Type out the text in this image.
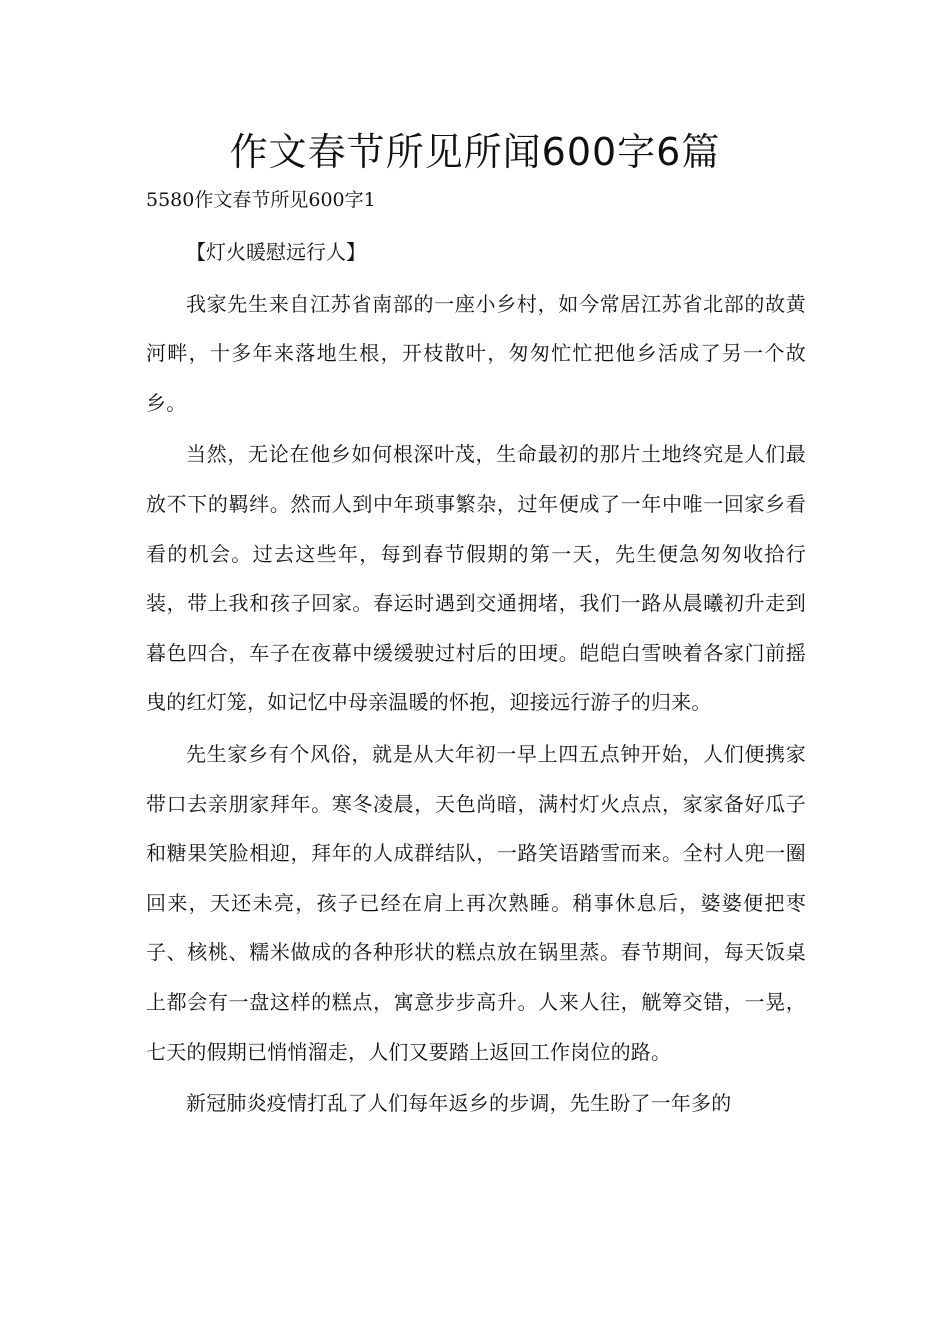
作文春节所见所闻600字6篇

5580作文春节所见600字1

【灯火暖慰远行人】

我家先生来自江苏省南部的一座小乡村，如今常居江苏省北部的故黄河畔，十多年来落地生根，开枝散叶，匆匆忙忙把他乡活成了另一个故乡。

当然，无论在他乡如何根深叶茂，生命最初的那片土地终究是人们最放不下的羁绊。然而人到中年琐事繁杂，过年便成了一年中唯一回家乡看看的机会。过去这些年，每到春节假期的第一天，先生便急匆匆收拾行装，带上我和孩子回家。春运时遇到交通拥堵，我们一路从晨曦初升走到暮色四合，车子在夜幕中缓缓驶过村后的田埂。皑皑白雪映着各家门前摇曳的红灯笼，如记忆中母亲温暖的怀抱，迎接远行游子的归来。

先生家乡有个风俗，就是从大年初一早上四五点钟开始，人们便携家带口去亲朋家拜年。寒冬凌晨，天色尚暗，满村灯火点点，家家备好瓜子和糖果笑脸相迎，拜年的人成群结队，一路笑语踏雪而来。全村人兜一圈回来，天还未亮，孩子已经在肩上再次熟睡。稍事休息后，婆婆便把枣子、核桃、糯米做成的各种形状的糕点放在锅里蒸。春节期间，每天饭桌上都会有一盘这样的糕点，寓意步步高升。人来人往，觥筹交错，一晃，七天的假期已悄悄溜走，人们又要踏上返回工作岗位的路。

新冠肺炎疫情打乱了人们每年返乡的步调，先生盼了一年多的
